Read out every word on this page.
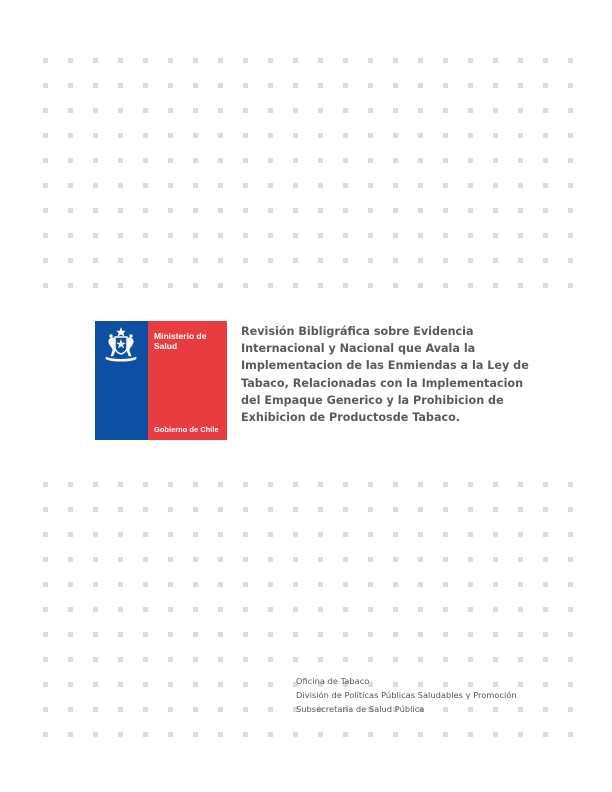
Ministerio de Salud
Gobierno de Chile
Revisión Bibligráfica sobre Evidencia
Internacional y Nacional que Avala la
Implementacion de las Enmiendas a la Ley de
Tabaco, Relacionadas con la Implementacion
del Empaque Generico y la Prohibicion de
Exhibicion de Productosde Tabaco.
Oficina de Tabaco
División de Políticas Públicas Saludables y Promoción
Subsecretaría de Salud Pública
